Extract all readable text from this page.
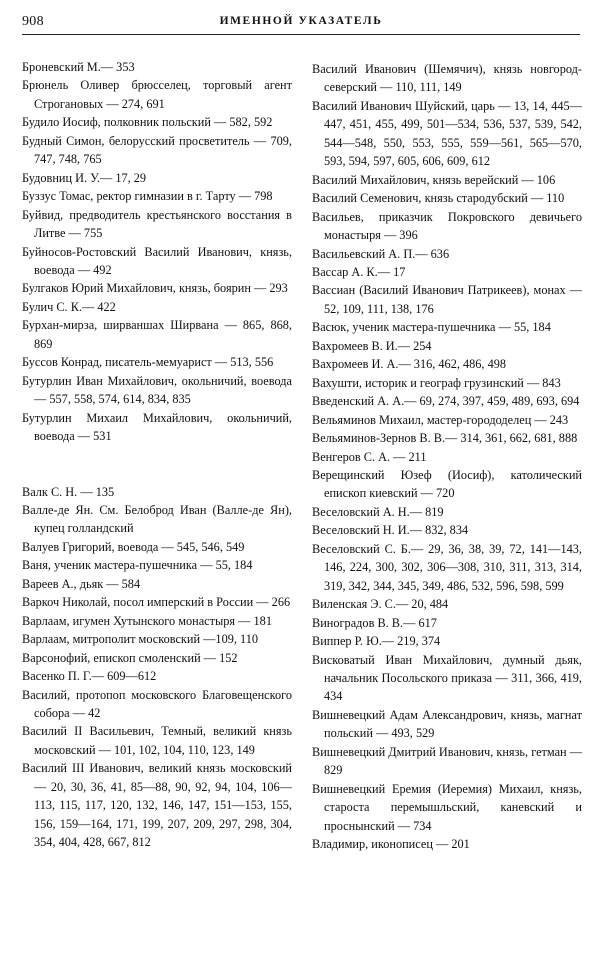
908	ИМЕННОЙ УКАЗАТЕЛЬ

Броневский М.— 353

Брюнель Оливер брюсселец, торговый агент Строгановых — 274, 691

Будило Иосиф, полковник польский — 582, 592

Будный Симон, белорусский просветитель — 709, 747, 748, 765

Будовниц И. У.— 17, 29

Буззус Томас, ректор гимназии в г. Тарту — 798

Буйвид, предводитель крестьянского восстания в Литве — 755

Буйносов-Ростовский Василий Иванович, князь, воевода — 492

Булгаков Юрий Михайлович, князь, боярин — 293

Булич С. К.— 422

Бурхан-мирза, ширваншах Ширвана — 865, 868, 869

Буссов Конрад, писатель-мемуарист — 513, 556

Бутурлин Иван Михайлович, окольничий, воевода — 557, 558, 574, 614, 834, 835

Бутурлин Михаил Михайлович, окольничий, воевода — 531

Валк С. Н. — 135

Валле-де Ян. См. Белоброд Иван (Валле-де Ян), купец голландский

Валуев Григорий, воевода — 545, 546, 549

Ваня, ученик мастера-пушечника — 55, 184

Вареев А., дьяк — 584

Варкоч Николай, посол имперский в России — 266

Варлаам, игумен Хутынского монастыря — 181

Варлаам, митрополит московский —109, 110

Варсонофий, епископ смоленский — 152

Васенко П. Г.— 609—612

Василий, протопоп московского Благовещенского собора — 42

Василий II Васильевич, Темный, великий князь московский — 101, 102, 104, 110, 123, 149

Василий III Иванович, великий князь московский — 20, 30, 36, 41, 85—88, 90, 92, 94, 104, 106—113, 115, 117, 120, 132, 146, 147, 151—153, 155, 156, 159—164, 171, 199, 207, 209, 297, 298, 304, 354, 404, 428, 667, 812

Василий Иванович (Шемячич), князь новгород-северский — 110, 111, 149

Василий Иванович Шуйский, царь — 13, 14, 445—447, 451, 455, 499, 501—534, 536, 537, 539, 542, 544—548, 550, 553, 555, 559—561, 565—570, 593, 594, 597, 605, 606, 609, 612

Василий Михайлович, князь верейский — 106

Василий Семенович, князь стародубский — 110

Васильев, приказчик Покровского девичьего монастыря — 396

Васильевский А. П.— 636

Вассар А. К.— 17

Вассиан (Василий Иванович Патрикеев), монах — 52, 109, 111, 138, 176

Васюк, ученик мастера-пушечника — 55, 184

Вахромеев В. И.— 254

Вахромеев И. А.— 316, 462, 486, 498

Вахушти, историк и географ грузинский — 843

Введенский А. А.— 69, 274, 397, 459, 489, 693, 694

Вельяминов Михаил, мастер-горододелец — 243

Вельяминов-Зернов В. В.— 314, 361, 662, 681, 888

Венгеров С. А. — 211

Верещинский Юзеф (Иосиф), католический епископ киевский — 720

Веселовский А. Н.— 819

Веселовский Н. И.— 832, 834

Веселовский С. Б.— 29, 36, 38, 39, 72, 141—143, 146, 224, 300, 302, 306—308, 310, 311, 313, 314, 319, 342, 344, 345, 349, 486, 532, 596, 598, 599

Виленская Э. С.— 20, 484

Виноградов В. В.— 617

Виппер Р. Ю.— 219, 374

Висковатый Иван Михайлович, думный дьяк, начальник Посольского приказа — 311, 366, 419, 434

Вишневецкий Адам Александрович, князь, магнат польский — 493, 529

Вишневецкий Дмитрий Иванович, князь, гетман — 829

Вишневецкий Еремия (Иеремия) Михаил, князь, староста перемышльский, каневский и проснынский — 734

Владимир, иконописец — 201
